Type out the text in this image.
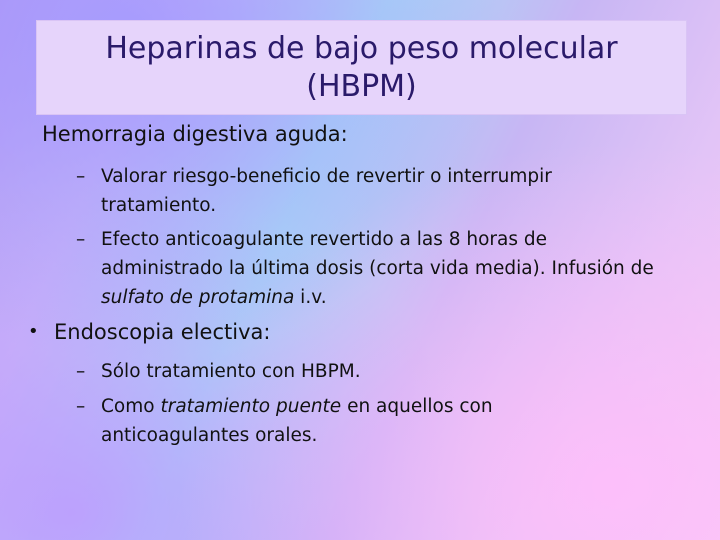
Heparinas de bajo peso molecular
(HBPM)
Hemorragia digestiva aguda:
– Valorar riesgo-beneficio de revertir o interrumpir tratamiento.
– Efecto anticoagulante revertido a las 8 horas de administrado la última dosis (corta vida media). Infusión de sulfato de protamina i.v.
• Endoscopia electiva:
– Sólo tratamiento con HBPM.
– Como tratamiento puente en aquellos con anticoagulantes orales.
